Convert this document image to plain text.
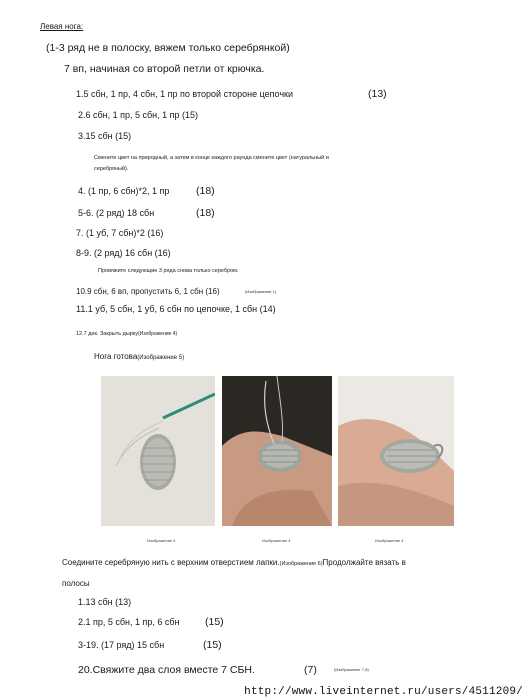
Левая нога:
(1-3 ряд не в полоску, вяжем только серебрянкой)
7 вп, начиная со второй петли от крючка.
1.5 сбн, 1 пр, 4 сбн, 1 пр по второй стороне цепочки	(13)
2.6 сбн, 1 пр, 5 сбн, 1 пр (15)
3.15 сбн (15)
Смените цвет на природный, а затем в конце каждого раунда смените цвет (натуральный и
серебряный).
4. (1 пр, 6 сбн)*2, 1 пр	(18)
5-6. (2 ряд) 18 сбн	(18)
7. (1 уб, 7 сбн)*2 (16)
8-9. (2 ряд) 16 сбн (16)
Провяжите следующие 3 ряда снова только серебром.
10.9 сбн, 6 вп, пропустить 6, 1 сбн (16)	(Изображение 1)
11.1 уб, 5 сбн, 1 уб, 6 сбн по цепочке, 1 сбн (14)
12.7 дек. Закрыть дырку(Изображение 4)
Нога готова(Изображение 5)
Изображение 4	Изображение 4	Изображение 4
Соедините серебряную нить с верхним отверстием лапки.(Изображение 6)Продолжайте вязать в
полосы
1.13 сбн (13)
2.1 пр, 5 сбн, 1 пр, 6 сбн (15)
3-19. (17 ряд) 15 сбн	(15)
20.Свяжите два слоя вместе 7 СБН.	(7)	(Изображение 7-8)
http://www.liveinternet.ru/users/4511209/
